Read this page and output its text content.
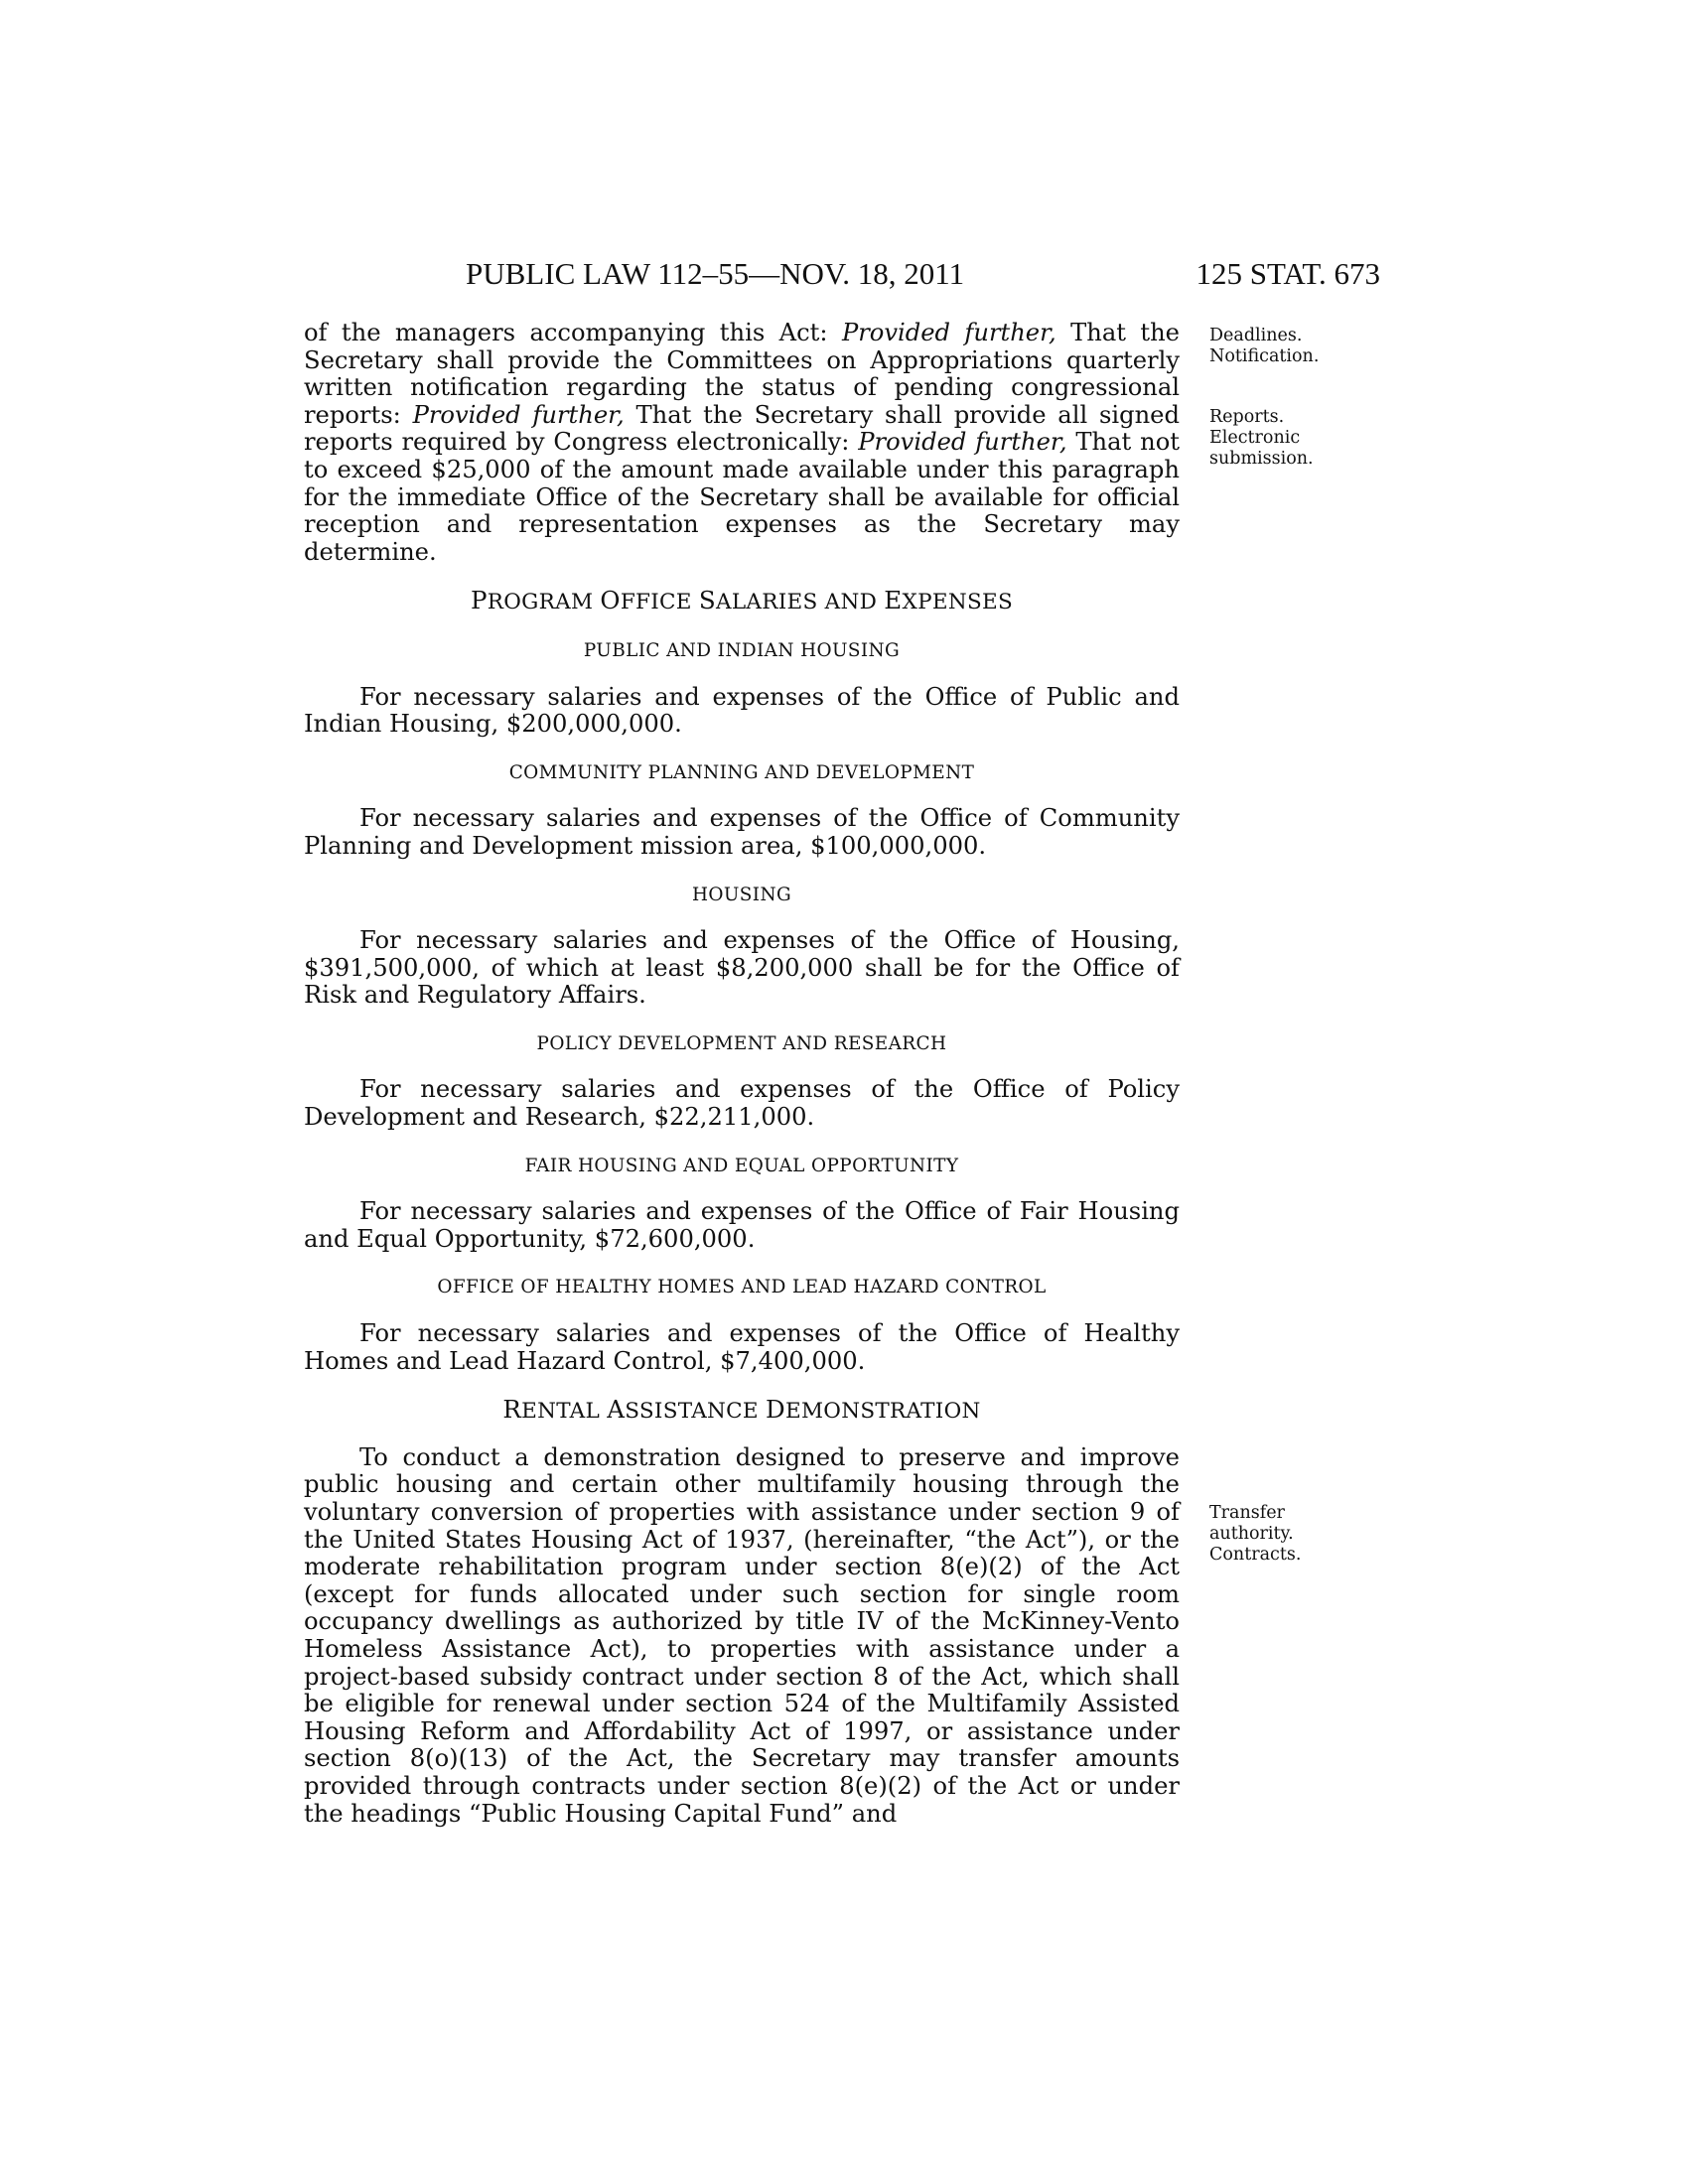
PUBLIC LAW 112–55—NOV. 18, 2011	125 STAT. 673

of the managers accompanying this Act: Provided further, That the Secretary shall provide the Committees on Appropriations quarterly written notification regarding the status of pending congressional reports: Provided further, That the Secretary shall provide all signed reports required by Congress electronically: Provided further, That not to exceed $25,000 of the amount made available under this paragraph for the immediate Office of the Secretary shall be available for official reception and representation expenses as the Secretary may determine.

PROGRAM OFFICE SALARIES AND EXPENSES
PUBLIC AND INDIAN HOUSING

For necessary salaries and expenses of the Office of Public and Indian Housing, $200,000,000.

COMMUNITY PLANNING AND DEVELOPMENT

For necessary salaries and expenses of the Office of Community Planning and Development mission area, $100,000,000.

HOUSING

For necessary salaries and expenses of the Office of Housing, $391,500,000, of which at least $8,200,000 shall be for the Office of Risk and Regulatory Affairs.

POLICY DEVELOPMENT AND RESEARCH

For necessary salaries and expenses of the Office of Policy Development and Research, $22,211,000.

FAIR HOUSING AND EQUAL OPPORTUNITY

For necessary salaries and expenses of the Office of Fair Housing and Equal Opportunity, $72,600,000.

OFFICE OF HEALTHY HOMES AND LEAD HAZARD CONTROL

For necessary salaries and expenses of the Office of Healthy Homes and Lead Hazard Control, $7,400,000.

RENTAL ASSISTANCE DEMONSTRATION

To conduct a demonstration designed to preserve and improve public housing and certain other multifamily housing through the voluntary conversion of properties with assistance under section 9 of the United States Housing Act of 1937, (hereinafter, “the Act”), or the moderate rehabilitation program under section 8(e)(2) of the Act (except for funds allocated under such section for single room occupancy dwellings as authorized by title IV of the McKinney-Vento Homeless Assistance Act), to properties with assistance under a project-based subsidy contract under section 8 of the Act, which shall be eligible for renewal under section 524 of the Multifamily Assisted Housing Reform and Affordability Act of 1997, or assistance under section 8(o)(13) of the Act, the Secretary may transfer amounts provided through contracts under section 8(e)(2) of the Act or under the headings “Public Housing Capital Fund” and

Deadlines.
Notification.
Reports.
Electronic
submission.
Transfer
authority.
Contracts.
